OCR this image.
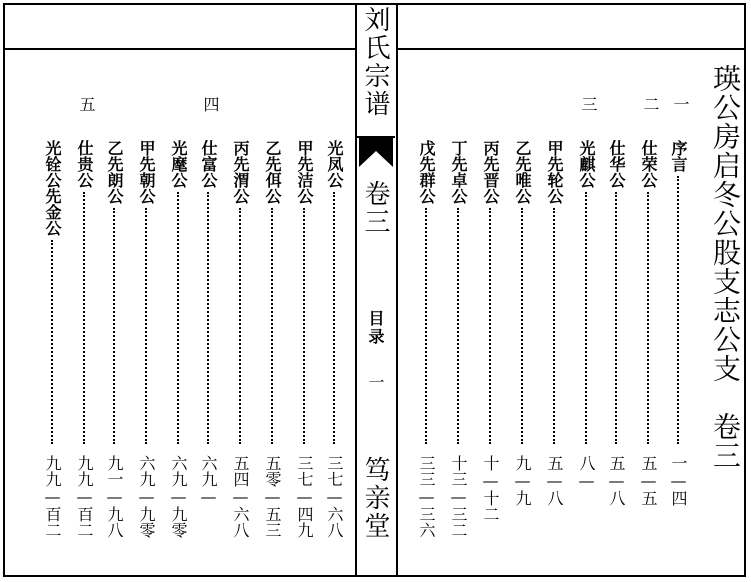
刘氏宗谱
卷三
目录
一
笃亲堂
瑛公房启冬公股支志公支　卷三
一
序言
一—四
二
仕荣公
五—五
仕华公
五—八
三
光麒公
八—
甲先轮公
五—八
乙先唯公
九—九
丙先晋公
十—十二
丁先卓公
十三—三二
戊先群公
三三—三六
光凤公
三七—六八
甲先洁公
三七—四九
乙先佴公
五零—五三
丙先渭公
五四—六八
四
仕富公
六九—
光麾公
六九—九零
甲先朝公
六九—九零
乙先朗公
九一—九八
五
仕贵公
九九—百二
光铨公先金公
九九—百二
